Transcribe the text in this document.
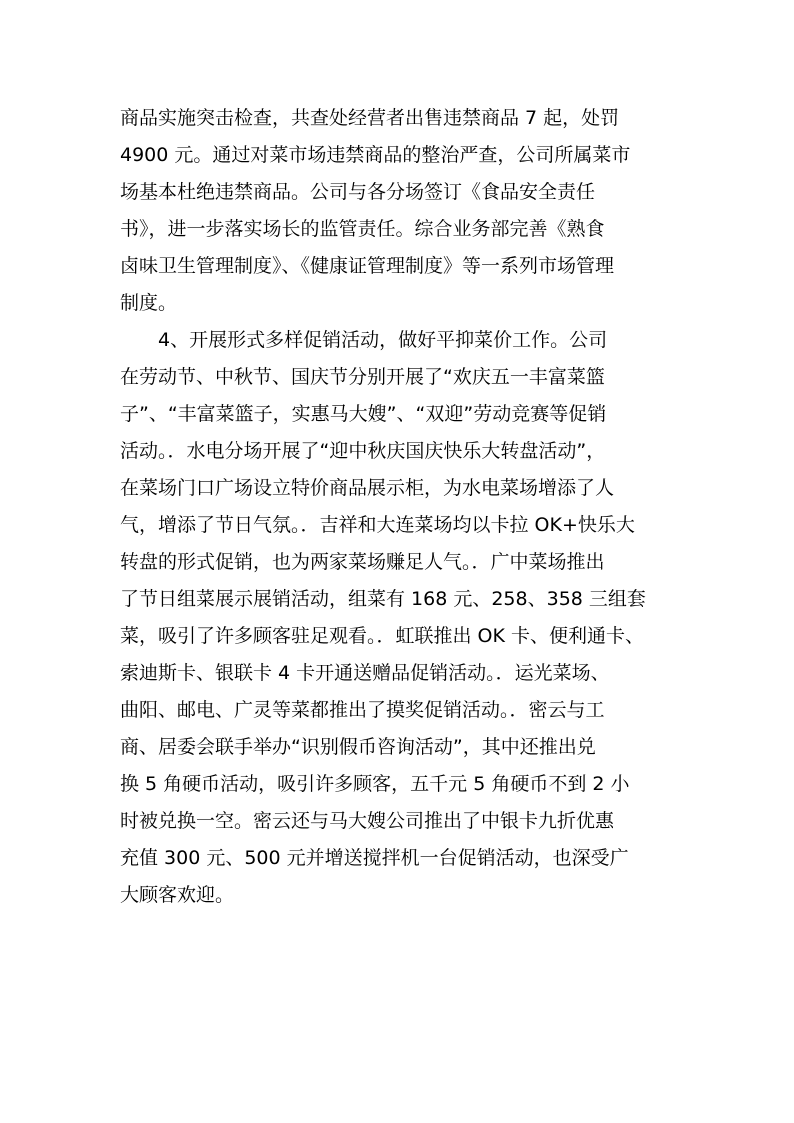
商品实施突击检查，共查处经营者出售违禁商品 7 起，处罚
4900 元。通过对菜市场违禁商品的整治严查，公司所属菜市
场基本杜绝违禁商品。公司与各分场签订《食品安全责任
书》，进一步落实场长的监管责任。综合业务部完善《熟食
卤味卫生管理制度》、《健康证管理制度》等一系列市场管理
制度。
4、开展形式多样促销活动，做好平抑菜价工作。公司
在劳动节、中秋节、国庆节分别开展了“欢庆五一丰富菜篮
子”、“丰富菜篮子，实惠马大嫂”、“双迎”劳动竞赛等促销
活动。．水电分场开展了“迎中秋庆国庆快乐大转盘活动”，
在菜场门口广场设立特价商品展示柜，为水电菜场增添了人
气，增添了节日气氛。．吉祥和大连菜场均以卡拉 OK+快乐大
转盘的形式促销，也为两家菜场赚足人气。．广中菜场推出
了节日组菜展示展销活动，组菜有 168 元、258、358 三组套
菜，吸引了许多顾客驻足观看。．虹联推出 OK 卡、便利通卡、
索迪斯卡、银联卡 4 卡开通送赠品促销活动。．运光菜场、
曲阳、邮电、广灵等菜都推出了摸奖促销活动。．密云与工
商、居委会联手举办“识别假币咨询活动”，其中还推出兑
换 5 角硬币活动，吸引许多顾客，五千元 5 角硬币不到 2 小
时被兑换一空。密云还与马大嫂公司推出了中银卡九折优惠
充值 300 元、500 元并增送搅拌机一台促销活动，也深受广
大顾客欢迎。
